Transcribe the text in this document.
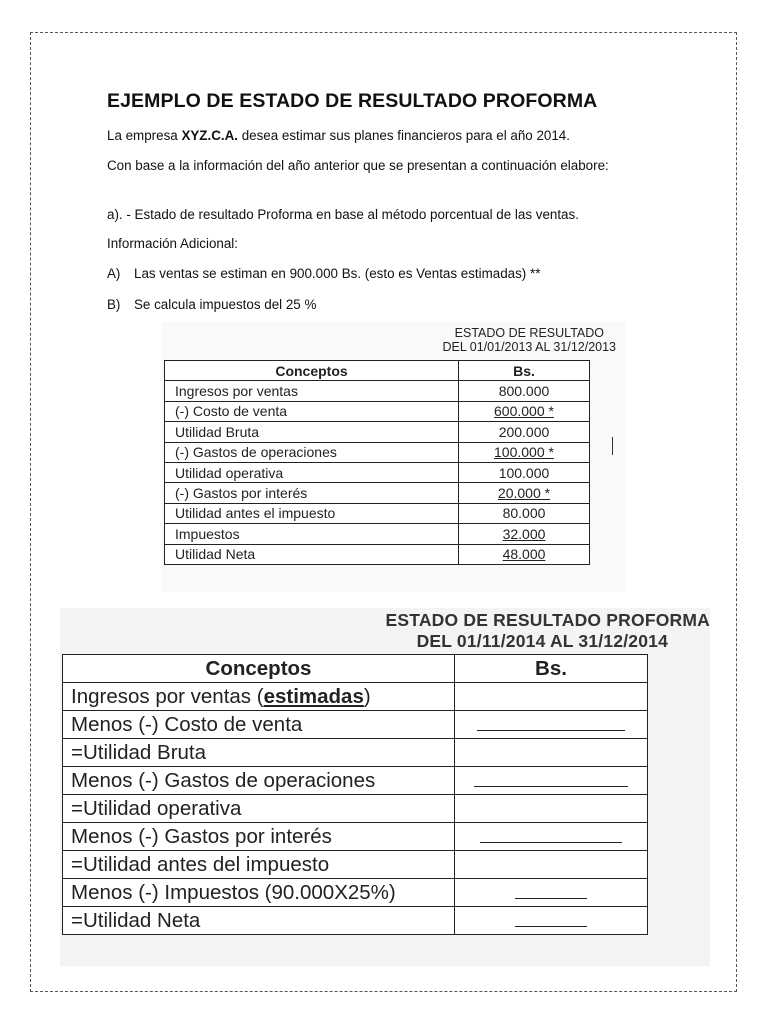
EJEMPLO DE ESTADO DE RESULTADO PROFORMA

La empresa XYZ.C.A. desea estimar sus planes financieros para el año 2014.

Con base a la información del año anterior que se presentan a continuación elabore:

a). - Estado de resultado Proforma en base al método porcentual de las ventas.

Información Adicional:

A) Las ventas se estiman en 900.000 Bs. (esto es Ventas estimadas) **

B) Se calcula impuestos del 25 %

ESTADO DE RESULTADO
DEL 01/01/2013 AL 31/12/2013
Conceptos	Bs.
Ingresos por ventas	800.000
(-) Costo de venta	600.000 *
Utilidad Bruta	200.000
(-) Gastos de operaciones	100.000 *
Utilidad operativa	100.000
(-) Gastos por interés	20.000 *
Utilidad antes el impuesto	80.000
Impuestos	32.000
Utilidad Neta	48.000
ESTADO DE RESULTADO PROFORMA
DEL 01/11/2014 AL 31/12/2014
Conceptos	Bs.
Ingresos por ventas (estimadas)	
Menos (-) Costo de venta	
=Utilidad Bruta	
Menos (-) Gastos de operaciones	
=Utilidad operativa	
Menos (-) Gastos por interés	
=Utilidad antes del impuesto	
Menos (-) Impuestos (90.000X25%)	
=Utilidad Neta	
